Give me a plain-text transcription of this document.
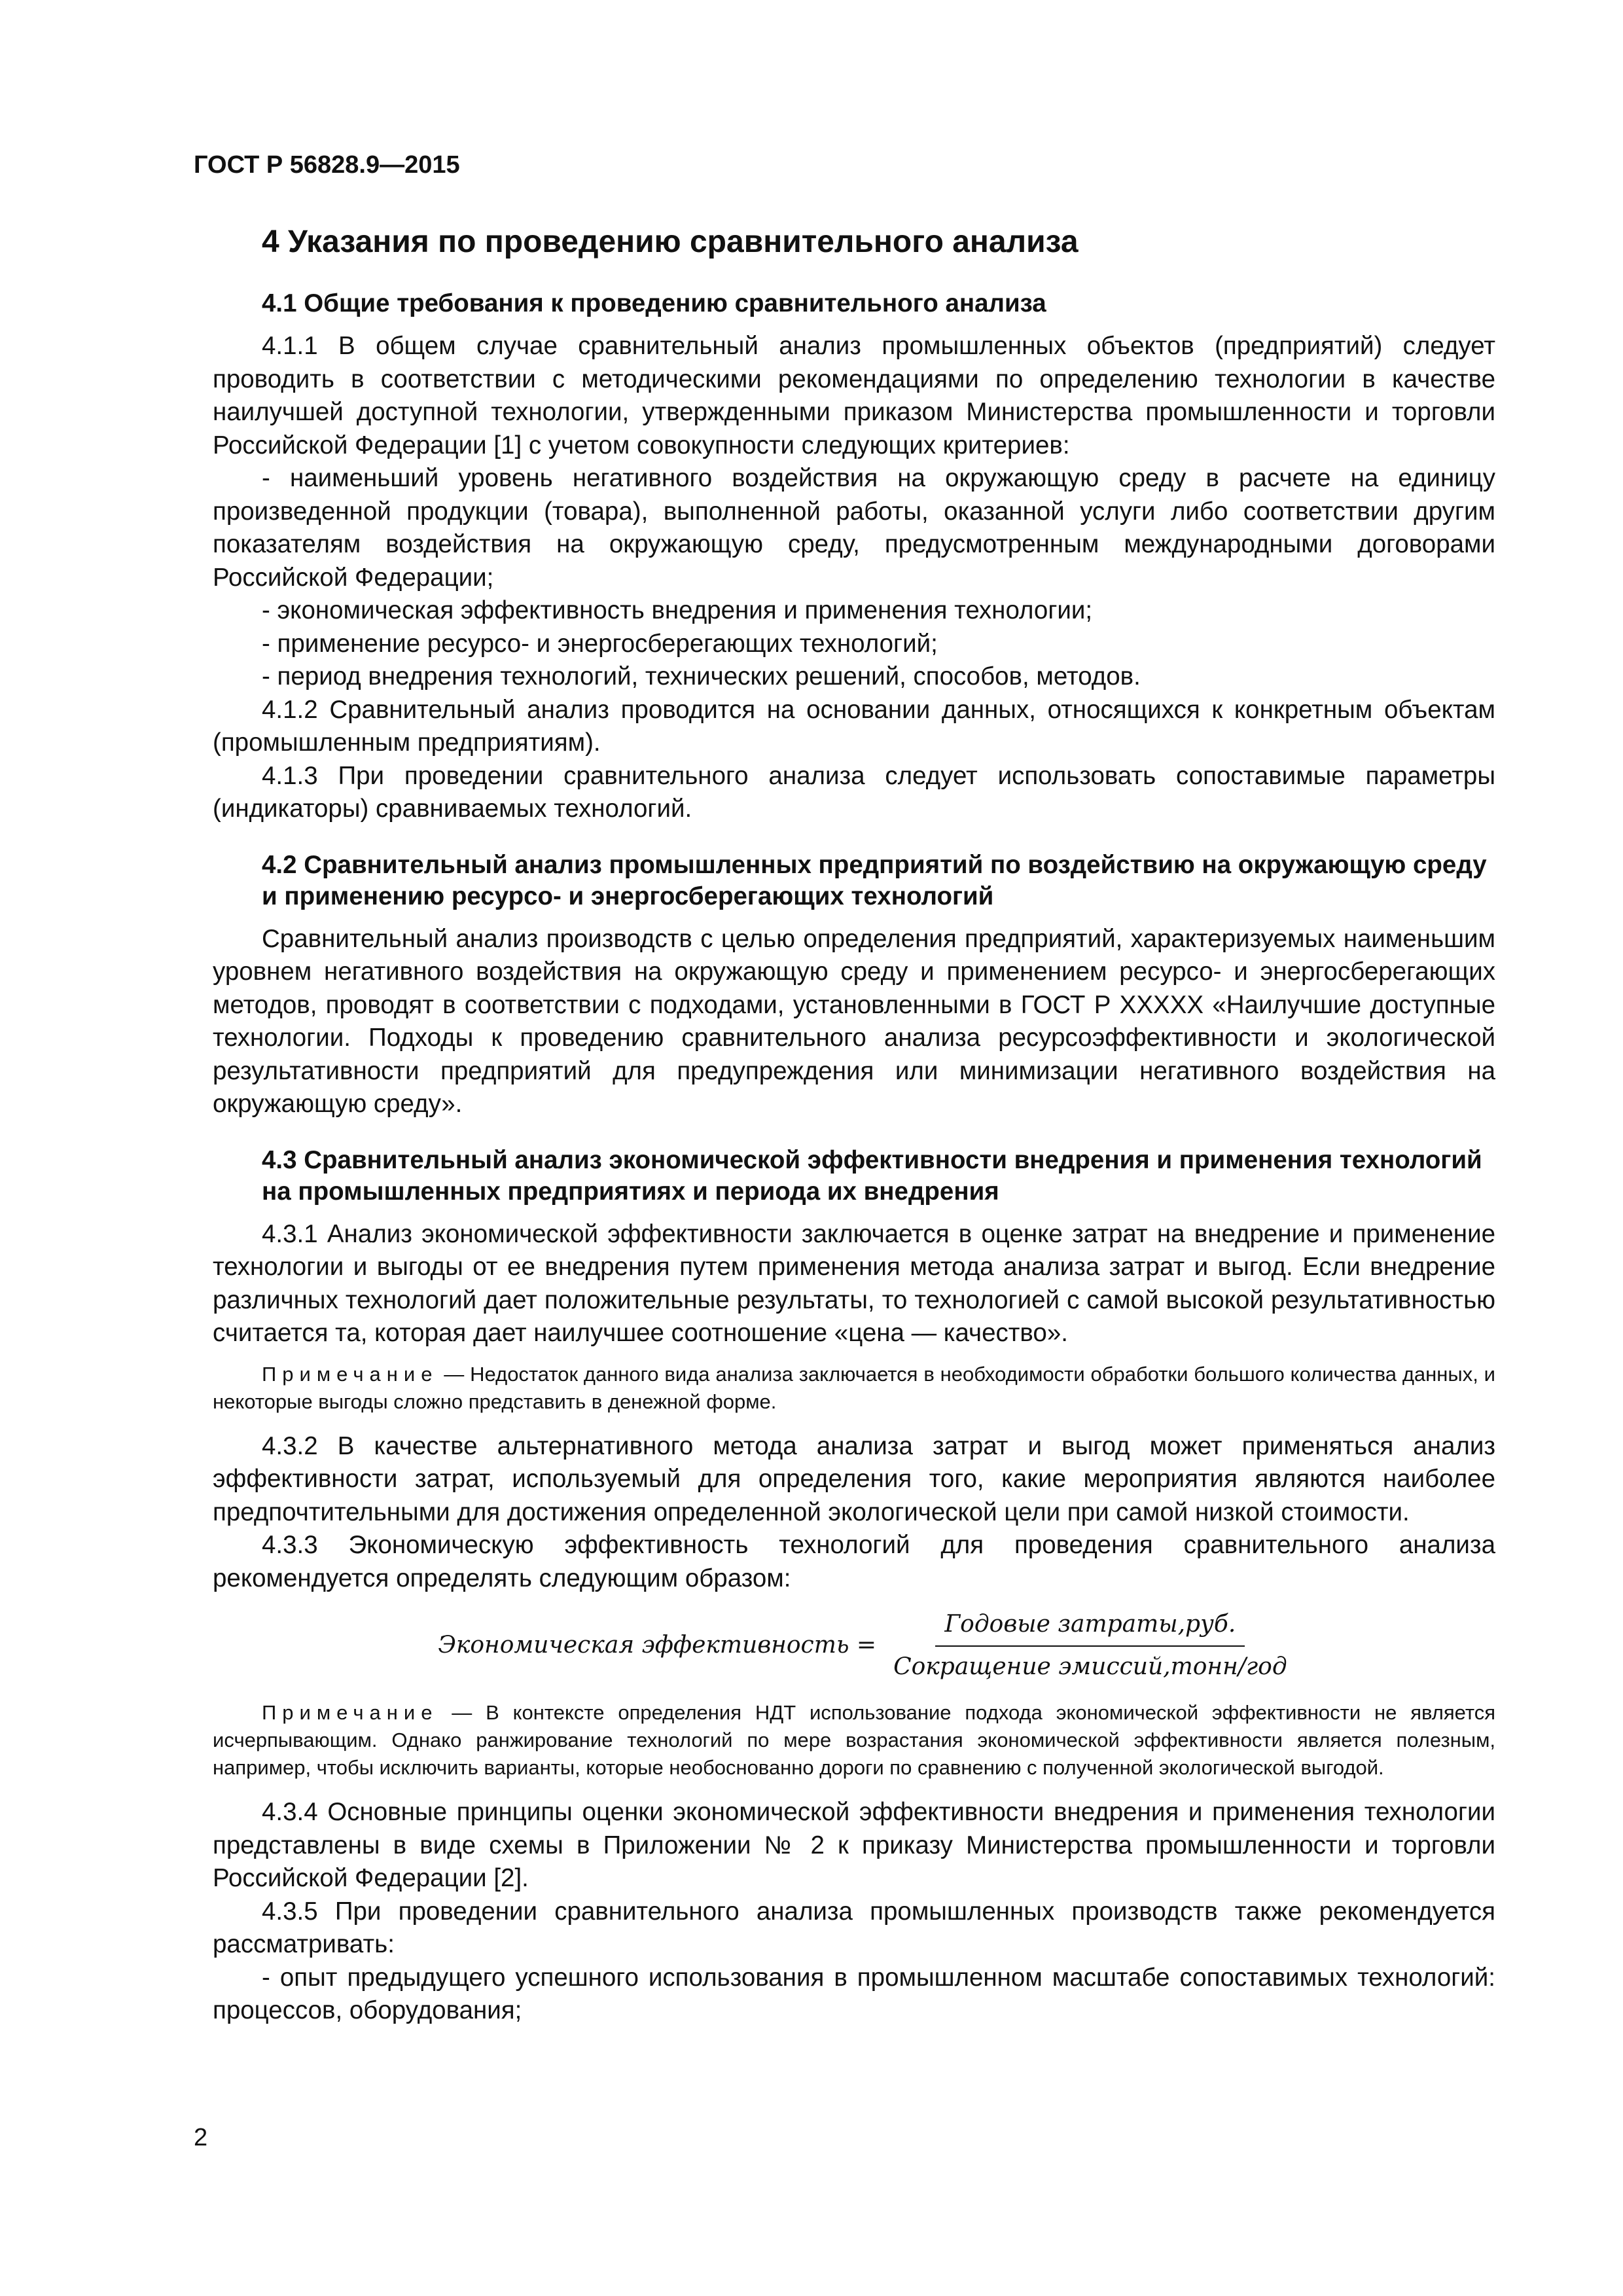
ГОСТ Р 56828.9—2015
4 Указания по проведению сравнительного анализа
4.1 Общие требования к проведению сравнительного анализа

4.1.1 В общем случае сравнительный анализ промышленных объектов (предприятий) следует проводить в соответствии с методическими рекомендациями по определению технологии в качестве наилучшей доступной технологии, утвержденными приказом Министерства промышленности и торговли Российской Федерации [1] с учетом совокупности следующих критериев:

- наименьший уровень негативного воздействия на окружающую среду в расчете на единицу произведенной продукции (товара), выполненной работы, оказанной услуги либо соответствии другим показателям воздействия на окружающую среду, предусмотренным международными договорами Российской Федерации;

- экономическая эффективность внедрения и применения технологии;

- применение ресурсо- и энергосберегающих технологий;

- период внедрения технологий, технических решений, способов, методов.

4.1.2 Сравнительный анализ проводится на основании данных, относящихся к конкретным объектам (промышленным предприятиям).

4.1.3 При проведении сравнительного анализа следует использовать сопоставимые параметры (индикаторы) сравниваемых технологий.

4.2 Сравнительный анализ промышленных предприятий по воздействию на окружающую среду и применению ресурсо- и энергосберегающих технологий

Сравнительный анализ производств с целью определения предприятий, характеризуемых наименьшим уровнем негативного воздействия на окружающую среду и применением ресурсо- и энергосберегающих методов, проводят в соответствии с подходами, установленными в ГОСТ Р XXXXX «Наилучшие доступные технологии. Подходы к проведению сравнительного анализа ресурсоэффективности и экологической результативности предприятий для предупреждения или минимизации негативного воздействия на окружающую среду».

4.3 Сравнительный анализ экономической эффективности внедрения и применения технологий на промышленных предприятиях и периода их внедрения

4.3.1 Анализ экономической эффективности заключается в оценке затрат на внедрение и применение технологии и выгоды от ее внедрения путем применения метода анализа затрат и выгод. Если внедрение различных технологий дает положительные результаты, то технологией с самой высокой результативностью считается та, которая дает наилучшее соотношение «цена — качество».

Примечание — Недостаток данного вида анализа заключается в необходимости обработки большого количества данных, и некоторые выгоды сложно представить в денежной форме.

4.3.2 В качестве альтернативного метода анализа затрат и выгод может применяться анализ эффективности затрат, используемый для определения того, какие мероприятия являются наиболее предпочтительными для достижения определенной экологической цели при самой низкой стоимости.

4.3.3 Экономическую эффективность технологий для проведения сравнительного анализа рекомендуется определять следующим образом:

Экономическая эффективность = $\frac{\text{Годовые затраты,руб.}}{\text{Сокращение эмиссий,тонн/год}}$

Примечание — В контексте определения НДТ использование подхода экономической эффективности не является исчерпывающим. Однако ранжирование технологий по мере возрастания экономической эффективности является полезным, например, чтобы исключить варианты, которые необоснованно дороги по сравнению с полученной экологической выгодой.

4.3.4 Основные принципы оценки экономической эффективности внедрения и применения технологии представлены в виде схемы в Приложении № 2 к приказу Министерства промышленности и торговли Российской Федерации [2].

4.3.5 При проведении сравнительного анализа промышленных производств также рекомендуется рассматривать:

- опыт предыдущего успешного использования в промышленном масштабе сопоставимых технологий: процессов, оборудования;

2
